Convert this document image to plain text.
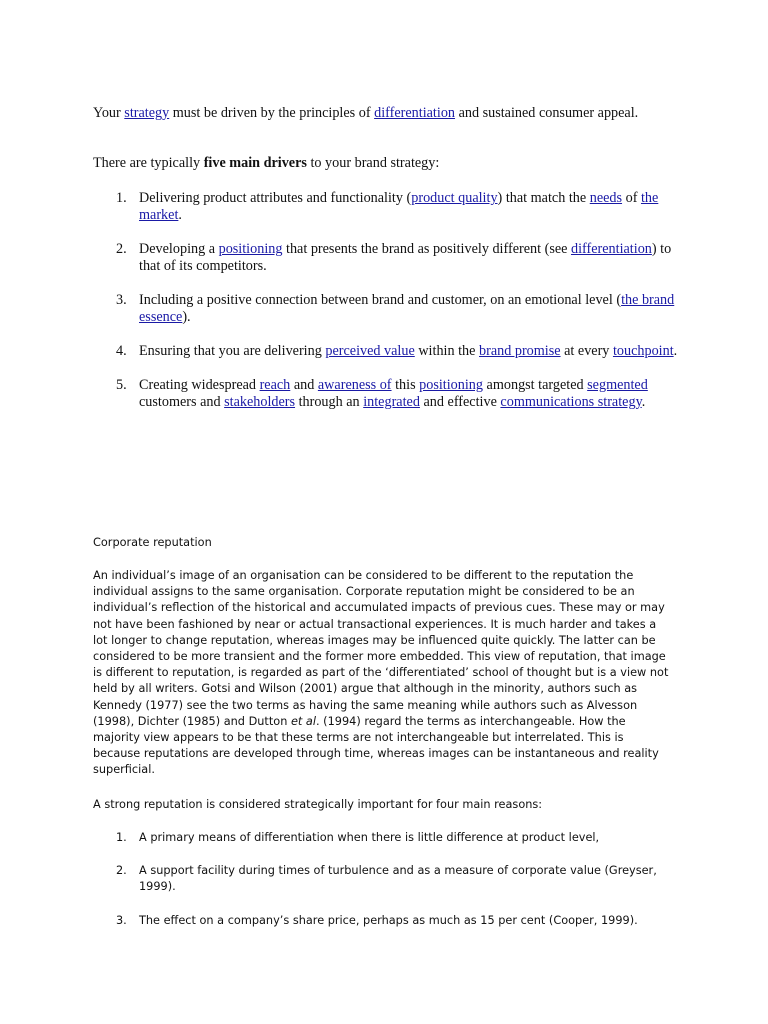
Your strategy must be driven by the principles of differentiation and sustained consumer appeal.
There are typically five main drivers to your brand strategy:
1. Delivering product attributes and functionality (product quality) that match the needs of the market.
2. Developing a positioning that presents the brand as positively different (see differentiation) to that of its competitors.
3. Including a positive connection between brand and customer, on an emotional level (the brand essence).
4. Ensuring that you are delivering perceived value within the brand promise at every touchpoint.
5. Creating widespread reach and awareness of this positioning amongst targeted segmented customers and stakeholders through an integrated and effective communications strategy.
Corporate reputation
An individual’s image of an organisation can be considered to be different to the reputation the individual assigns to the same organisation. Corporate reputation might be considered to be an individual’s reflection of the historical and accumulated impacts of previous cues. These may or may not have been fashioned by near or actual transactional experiences. It is much harder and takes a lot longer to change reputation, whereas images may be influenced quite quickly. The latter can be considered to be more transient and the former more embedded. This view of reputation, that image is different to reputation, is regarded as part of the ‘differentiated’ school of thought but is a view not held by all writers. Gotsi and Wilson (2001) argue that although in the minority, authors such as Kennedy (1977) see the two terms as having the same meaning while authors such as Alvesson (1998), Dichter (1985) and Dutton et al. (1994) regard the terms as interchangeable. How the majority view appears to be that these terms are not interchangeable but interrelated. This is because reputations are developed through time, whereas images can be instantaneous and reality superficial.
A strong reputation is considered strategically important for four main reasons:
1. A primary means of differentiation when there is little difference at product level,
2. A support facility during times of turbulence and as a measure of corporate value (Greyser, 1999).
3. The effect on a company’s share price, perhaps as much as 15 per cent (Cooper, 1999).
